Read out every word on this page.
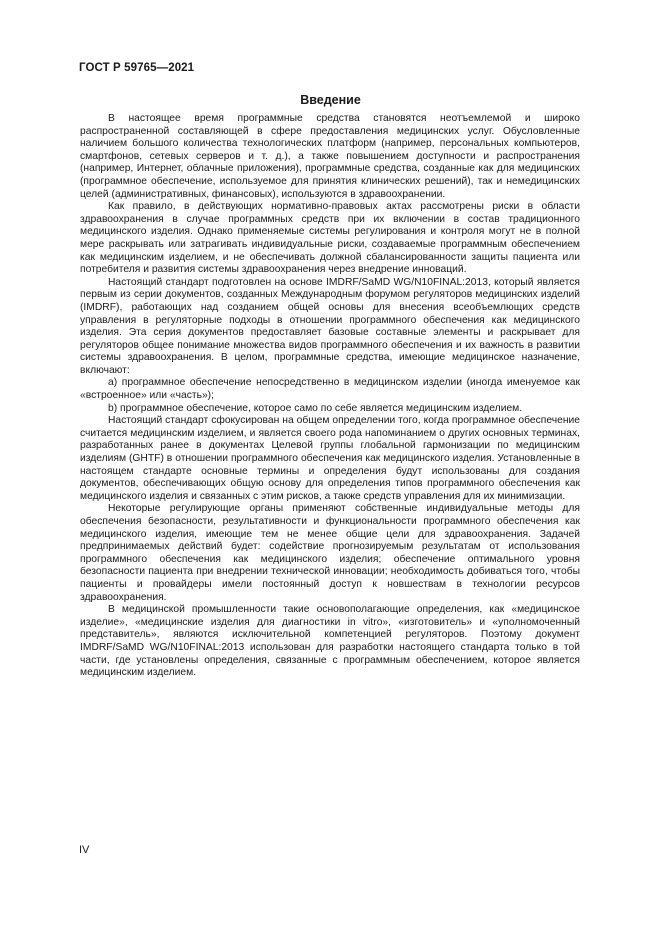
ГОСТ Р 59765—2021
Введение

В настоящее время программные средства становятся неотъемлемой и широко распространенной составляющей в сфере предоставления медицинских услуг. Обусловленные наличием большого количества технологических платформ (например, персональных компьютеров, смартфонов, сетевых серверов и т. д.), а также повышением доступности и распространения (например, Интернет, облачные приложения), программные средства, созданные как для медицинских (программное обеспечение, используемое для принятия клинических решений), так и немедицинских целей (административных, финансовых), используются в здравоохранении.

Как правило, в действующих нормативно-правовых актах рассмотрены риски в области здравоохранения в случае программных средств при их включении в состав традиционного медицинского изделия. Однако применяемые системы регулирования и контроля могут не в полной мере раскрывать или затрагивать индивидуальные риски, создаваемые программным обеспечением как медицинским изделием, и не обеспечивать должной сбалансированности защиты пациента или потребителя и развития системы здравоохранения через внедрение инноваций.

Настоящий стандарт подготовлен на основе IMDRF/SaMD WG/N10FINAL:2013, который является первым из серии документов, созданных Международным форумом регуляторов медицинских изделий (IMDRF), работающих над созданием общей основы для внесения всеобъемлющих средств управления в регуляторные подходы в отношении программного обеспечения как медицинского изделия. Эта серия документов предоставляет базовые составные элементы и раскрывает для регуляторов общее понимание множества видов программного обеспечения и их важность в развитии системы здравоохранения. В целом, программные средства, имеющие медицинское назначение, включают:

a) программное обеспечение непосредственно в медицинском изделии (иногда именуемое как «встроенное» или «часть»);

b) программное обеспечение, которое само по себе является медицинским изделием.

Настоящий стандарт сфокусирован на общем определении того, когда программное обеспечение считается медицинским изделием, и является своего рода напоминанием о других основных терминах, разработанных ранее в документах Целевой группы глобальной гармонизации по медицинским изделиям (GHTF) в отношении программного обеспечения как медицинского изделия. Установленные в настоящем стандарте основные термины и определения будут использованы для создания документов, обеспечивающих общую основу для определения типов программного обеспечения как медицинского изделия и связанных с этим рисков, а также средств управления для их минимизации.

Некоторые регулирующие органы применяют собственные индивидуальные методы для обеспечения безопасности, результативности и функциональности программного обеспечения как медицинского изделия, имеющие тем не менее общие цели для здравоохранения. Задачей предпринимаемых действий будет: содействие прогнозируемым результатам от использования программного обеспечения как медицинского изделия; обеспечение оптимального уровня безопасности пациента при внедрении технической инновации; необходимость добиваться того, чтобы пациенты и провайдеры имели постоянный доступ к новшествам в технологии ресурсов здравоохранения.

В медицинской промышленности такие основополагающие определения, как «медицинское изделие», «медицинские изделия для диагностики in vitro», «изготовитель» и «уполномоченный представитель», являются исключительной компетенцией регуляторов. Поэтому документ IMDRF/SaMD WG/N10FINAL:2013 использован для разработки настоящего стандарта только в той части, где установлены определения, связанные с программным обеспечением, которое является медицинским изделием.

IV
